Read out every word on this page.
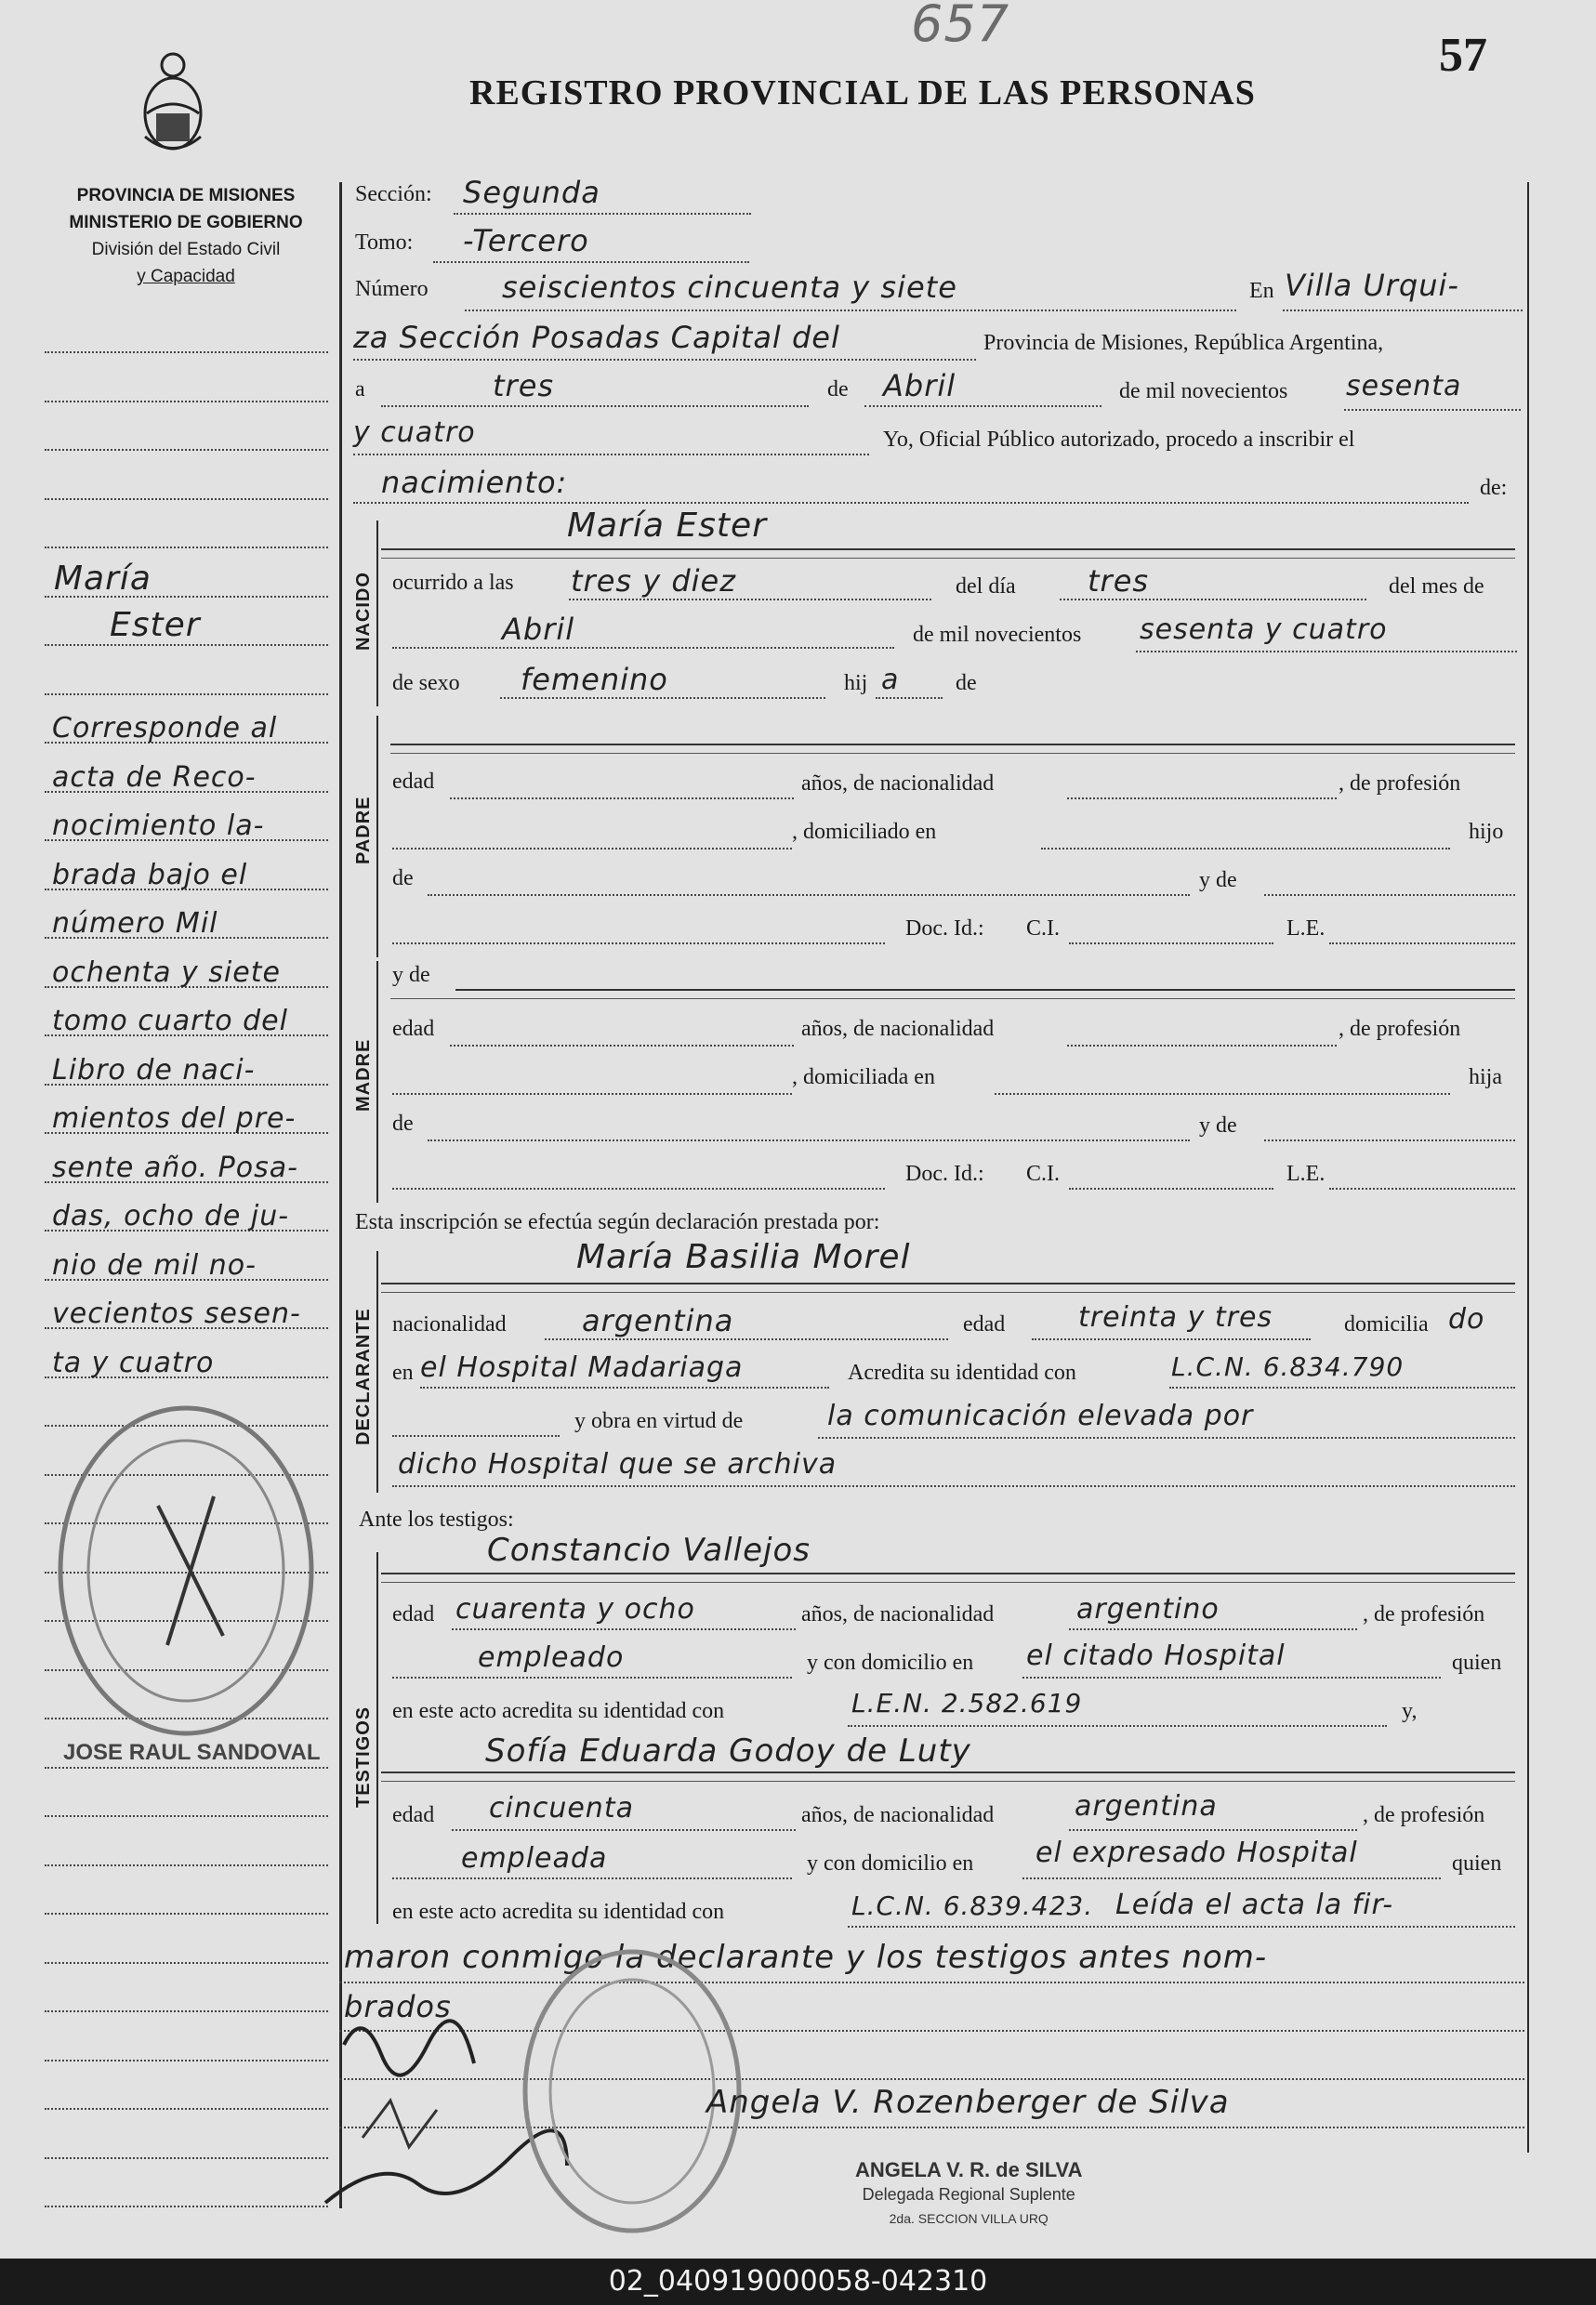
657
57
REGISTRO PROVINCIAL DE LAS PERSONAS
PROVINCIA DE MISIONES
MINISTERIO DE GOBIERNO
División del Estado Civil
y Capacidad
María
Ester
Corresponde al
acta de Reco-
nocimiento la-
brada bajo el
número Mil
ochenta y siete
tomo cuarto del
Libro de naci-
mientos del pre-
sente año. Posa-
das, ocho de ju-
nio de mil no-
vecientos sesen-
ta y cuatro
JOSE RAUL SANDOVAL
Sección: Segunda
Tomo: -Tercero
Número seiscientos cincuenta y siete	En Villa Urqui-
za Sección Posadas Capital del	Provincia de Misiones, República Argentina,
a	tres	de Abril	de mil novecientos sesenta
y cuatro	Yo, Oficial Público autorizado, procedo a inscribir el
nacimiento:	de:
NACIDO
María Ester
ocurrido a las tres y diez	del día tres	del mes de
Abril	de mil novecientos sesenta y cuatro
de sexo femenino	hij a	de
PADRE
edad	años, de nacionalidad	, de profesión
, domiciliado en	hijo
de	y de
Doc. Id.: C.I.	L.E.
MADRE
y de
edad	años, de nacionalidad	, de profesión
, domiciliada en	hija
de	y de
Doc. Id.: C.I.	L.E.
Esta inscripción se efectúa según declaración prestada por:
DECLARANTE
María Basilia Morel
nacionalidad	argentina	edad	treinta y tres	domicilia do
en el Hospital Madariaga	Acredita su identidad con	L.C.N. 6.834.790
y obra en virtud de	la comunicación elevada por
dicho Hospital que se archiva
Ante los testigos:
TESTIGOS
Constancio Vallejos
edad cuarenta y ocho	años, de nacionalidad	argentino	, de profesión
empleado	y con domicilio en el citado Hospital	quien
en este acto acredita su identidad con	L.E.N. 2.582.619	y,
Sofía Eduarda Godoy de Luty
edad cincuenta	años, de nacionalidad	argentina	, de profesión
empleada	y con domicilio en el expresado Hospital	quien
en este acto acredita su identidad con	L.C.N. 6.839.423. Leída el acta la fir-
maron conmigo la declarante y los testigos antes nom-
brados
Angela V. Rozenberger de Silva
ANGELA V. R. de SILVA
Delegada Regional Suplente
2da. SECCION VILLA URQ
02_040919000058-042310
